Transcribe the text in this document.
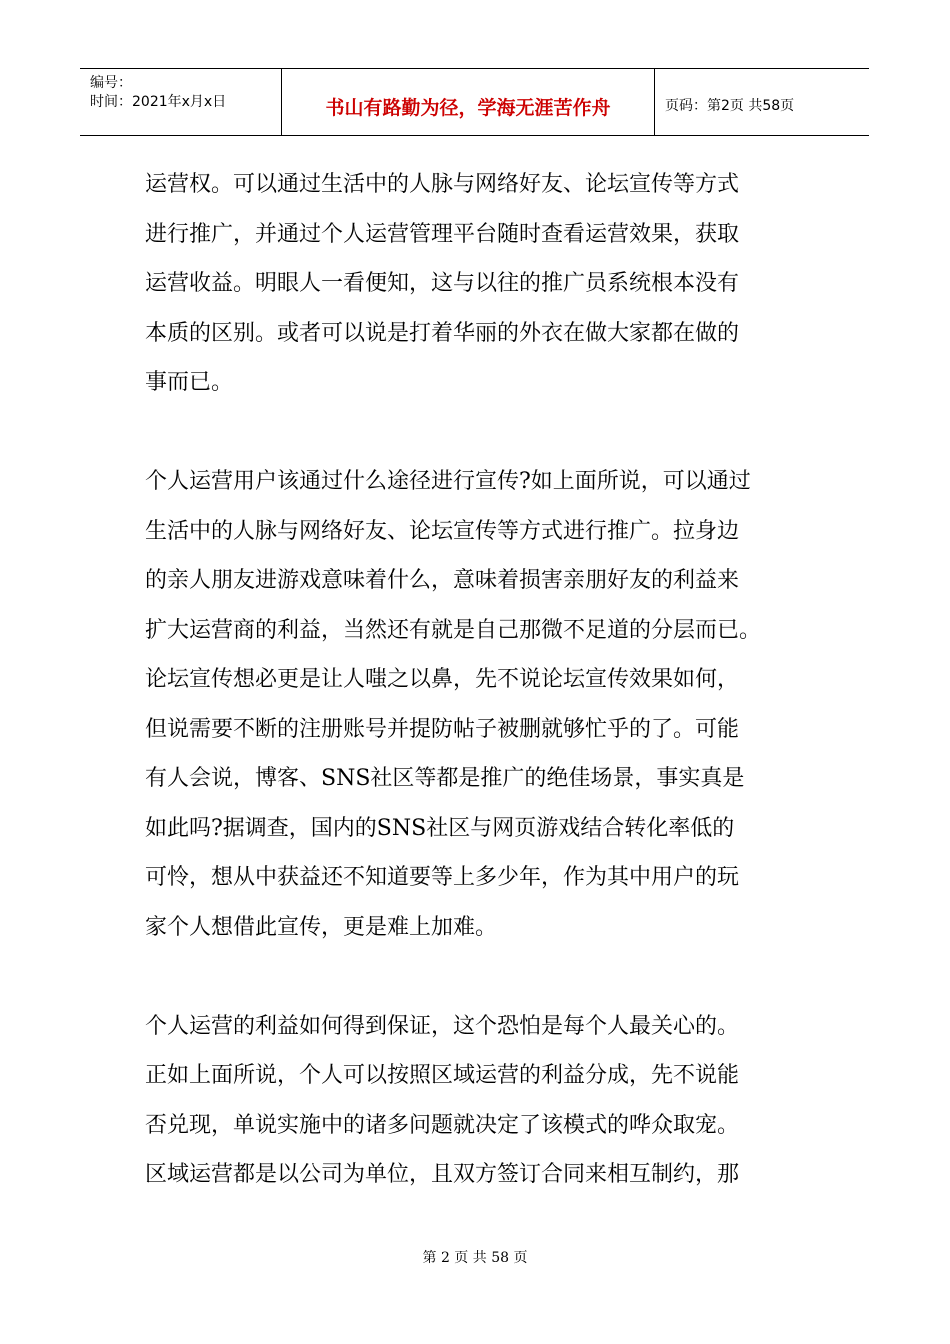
编号：
时间：2021年x月x日	书山有路勤为径，学海无涯苦作舟	页码：第2页 共58页
运营权。可以通过生活中的人脉与网络好友、论坛宣传等方式
进行推广，并通过个人运营管理平台随时查看运营效果，获取
运营收益。明眼人一看便知，这与以往的推广员系统根本没有
本质的区别。或者可以说是打着华丽的外衣在做大家都在做的
事而已。
个人运营用户该通过什么途径进行宣传?如上面所说，可以通过
生活中的人脉与网络好友、论坛宣传等方式进行推广。拉身边
的亲人朋友进游戏意味着什么，意味着损害亲朋好友的利益来
扩大运营商的利益，当然还有就是自己那微不足道的分层而已。
论坛宣传想必更是让人嗤之以鼻，先不说论坛宣传效果如何，
但说需要不断的注册账号并提防帖子被删就够忙乎的了。可能
有人会说，博客、SNS社区等都是推广的绝佳场景，事实真是
如此吗?据调查，国内的SNS社区与网页游戏结合转化率低的
可怜，想从中获益还不知道要等上多少年，作为其中用户的玩
家个人想借此宣传，更是难上加难。
个人运营的利益如何得到保证，这个恐怕是每个人最关心的。
正如上面所说，个人可以按照区域运营的利益分成，先不说能
否兑现，单说实施中的诸多问题就决定了该模式的哗众取宠。
区域运营都是以公司为单位，且双方签订合同来相互制约，那
第 2 页 共 58 页
